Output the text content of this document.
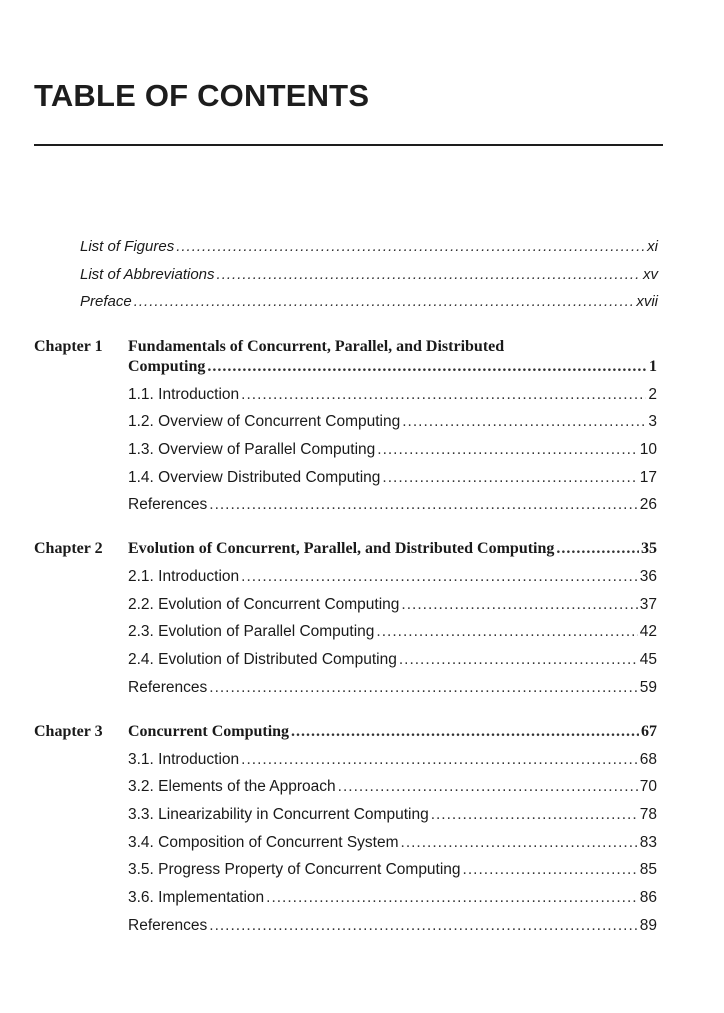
TABLE OF CONTENTS
List of Figures .....	xi
List of Abbreviations .....	xv
Preface .....	xvii
Chapter 1 Fundamentals of Concurrent, Parallel, and Distributed
Computing .....	1
1.1. Introduction .....	2
1.2. Overview of Concurrent Computing .....	3
1.3. Overview of Parallel Computing .....	10
1.4. Overview Distributed Computing .....	17
References .....	26
Chapter 2 Evolution of Concurrent, Parallel, and Distributed Computing .....	35
2.1. Introduction .....	36
2.2. Evolution of Concurrent Computing .....	37
2.3. Evolution of Parallel Computing .....	42
2.4. Evolution of Distributed Computing .....	45
References .....	59
Chapter 3 Concurrent Computing .....	67
3.1. Introduction .....	68
3.2. Elements of the Approach .....	70
3.3. Linearizability in Concurrent Computing .....	78
3.4. Composition of Concurrent System .....	83
3.5. Progress Property of Concurrent Computing .....	85
3.6. Implementation .....	86
References .....	89
